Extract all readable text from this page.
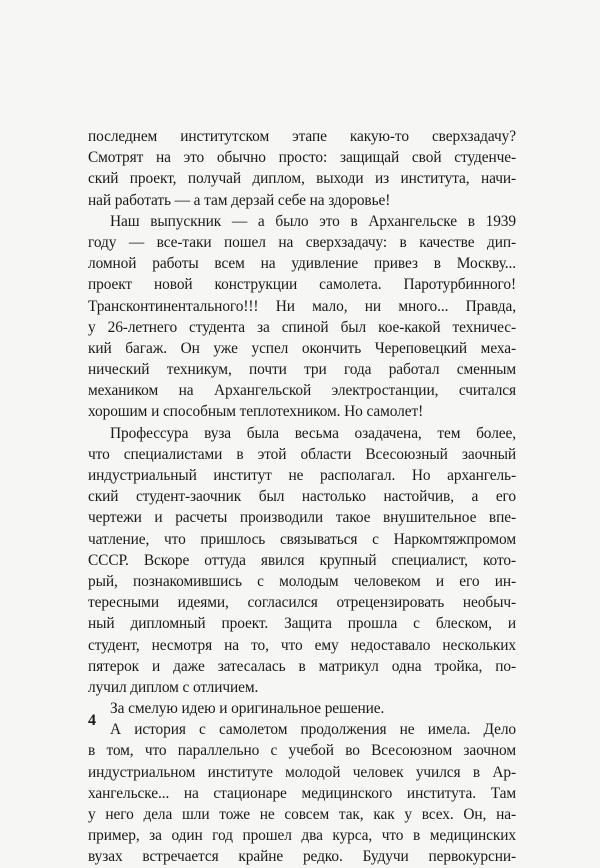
последнем институтском этапе какую-то сверхзадачу?
Смотрят на это обычно просто: защищай свой студенче-
ский проект, получай диплом, выходи из института, начи-
най работать — а там дерзай себе на здоровье!
Наш выпускник — а было это в Архангельске в 1939
году — все-таки пошел на сверхзадачу: в качестве дип-
ломной работы всем на удивление привез в Москву...
проект новой конструкции самолета. Паротурбинного!
Трансконтинентального!!! Ни мало, ни много... Правда,
у 26-летнего студента за спиной был кое-какой техничес-
кий багаж. Он уже успел окончить Череповецкий меха-
нический техникум, почти три года работал сменным
механиком на Архангельской электростанции, считался
хорошим и способным теплотехником. Но самолет!
Профессура вуза была весьма озадачена, тем более,
что специалистами в этой области Всесоюзный заочный
индустриальный институт не располагал. Но архангель-
ский студент-заочник был настолько настойчив, а его
чертежи и расчеты производили такое внушительное впе-
чатление, что пришлось связываться с Наркомтяжпромом
СССР. Вскоре оттуда явился крупный специалист, кото-
рый, познакомившись с молодым человеком и его ин-
тересными идеями, согласился отрецензировать необыч-
ный дипломный проект. Защита прошла с блеском, и
студент, несмотря на то, что ему недоставало нескольких
пятерок и даже затесалась в матрикул одна тройка, по-
лучил диплом с отличием.
За смелую идею и оригинальное решение.
А история с самолетом продолжения не имела. Дело
в том, что параллельно с учебой во Всесоюзном заочном
индустриальном институте молодой человек учился в Ар-
хангельске... на стационаре медицинского института. Там
у него дела шли тоже не совсем так, как у всех. Он, на-
пример, за один год прошел два курса, что в медицинских
вузах встречается крайне редко. Будучи первокурсни-
4
